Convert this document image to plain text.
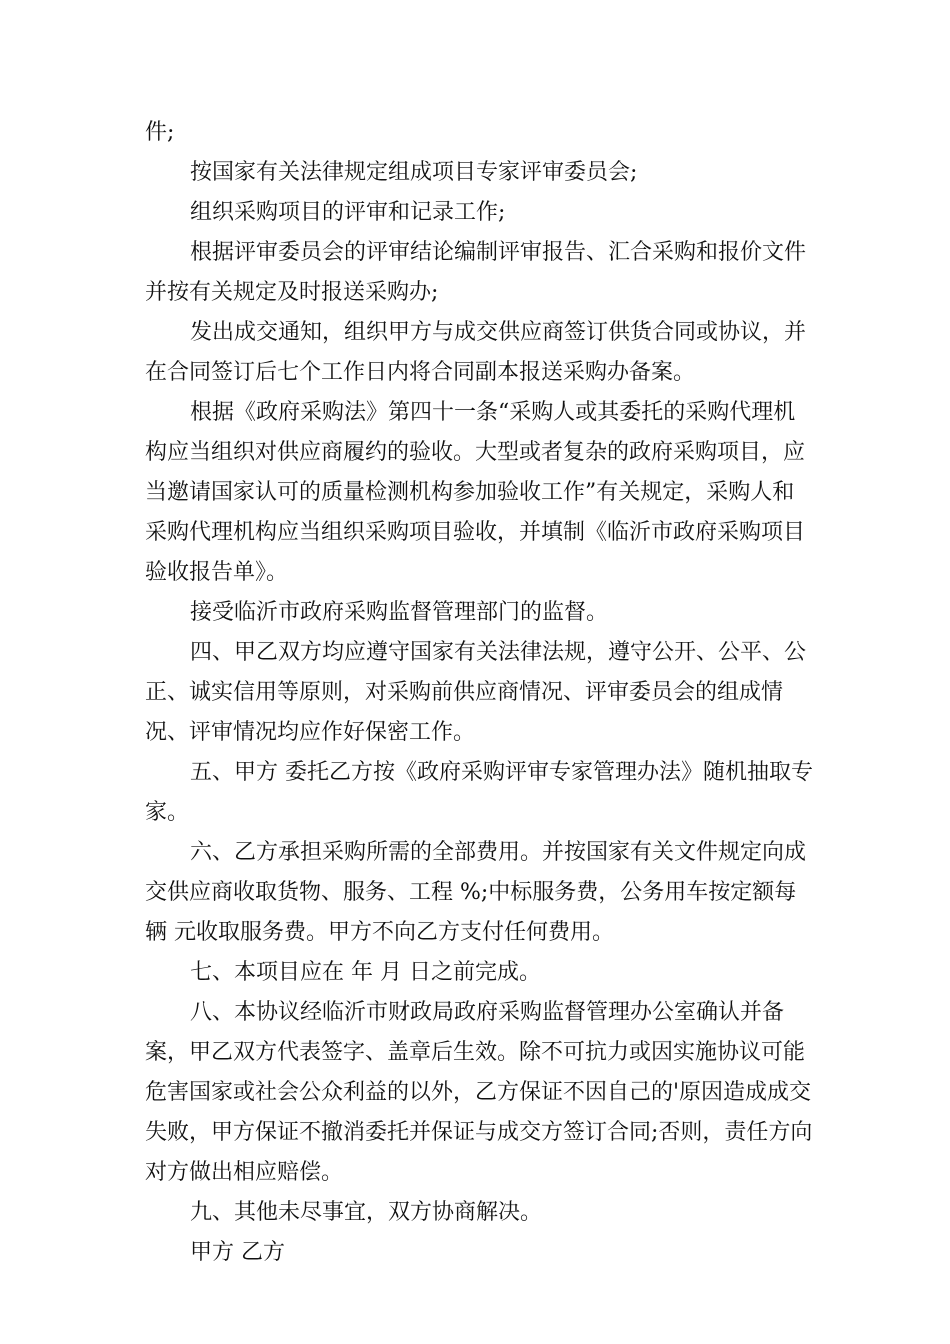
件;

按国家有关法律规定组成项目专家评审委员会;

组织采购项目的评审和记录工作;

根据评审委员会的评审结论编制评审报告、汇合采购和报价文件并按有关规定及时报送采购办;

发出成交通知，组织甲方与成交供应商签订供货合同或协议，并在合同签订后七个工作日内将合同副本报送采购办备案。

根据《政府采购法》第四十一条“采购人或其委托的采购代理机构应当组织对供应商履约的验收。大型或者复杂的政府采购项目，应当邀请国家认可的质量检测机构参加验收工作”有关规定，采购人和采购代理机构应当组织采购项目验收，并填制《临沂市政府采购项目验收报告单》。

接受临沂市政府采购监督管理部门的监督。

四、甲乙双方均应遵守国家有关法律法规，遵守公开、公平、公正、诚实信用等原则，对采购前供应商情况、评审委员会的组成情况、评审情况均应作好保密工作。

五、甲方 委托乙方按《政府采购评审专家管理办法》随机抽取专家。

六、乙方承担采购所需的全部费用。并按国家有关文件规定向成交供应商收取货物、服务、工程 %;中标服务费，公务用车按定额每辆 元收取服务费。甲方不向乙方支付任何费用。

七、本项目应在 年 月 日之前完成。

八、本协议经临沂市财政局政府采购监督管理办公室确认并备案，甲乙双方代表签字、盖章后生效。除不可抗力或因实施协议可能危害国家或社会公众利益的以外，乙方保证不因自己的'原因造成成交失败，甲方保证不撤消委托并保证与成交方签订合同;否则，责任方向对方做出相应赔偿。

九、其他未尽事宜，双方协商解决。

甲方 乙方
